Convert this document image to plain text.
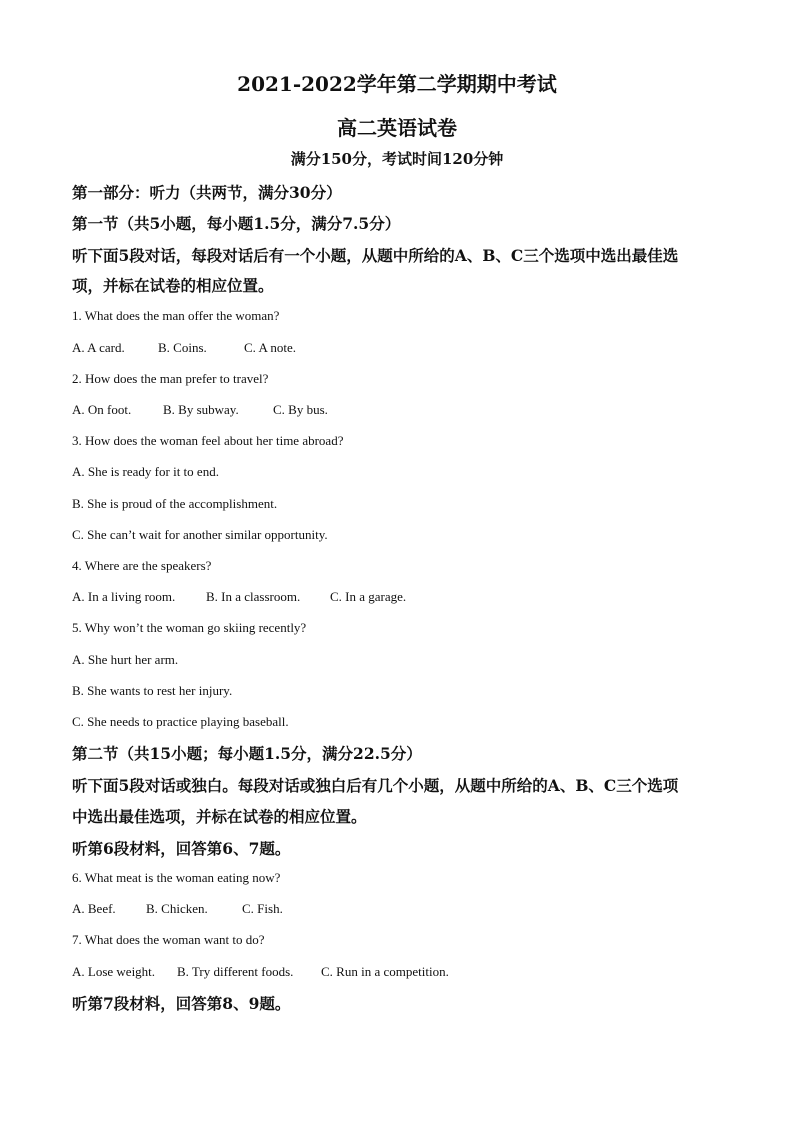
2021-2022学年第二学期期中考试
高二英语试卷
满分150分，考试时间120分钟
第一部分：听力（共两节，满分30分）
第一节（共5小题，每小题1.5分，满分7.5分）
听下面5段对话，每段对话后有一个小题，从题中所给的A、B、C三个选项中选出最佳选
项，并标在试卷的相应位置。
1. What does the man offer the woman?
A. A card.	B. Coins.	C. A note.
2. How does the man prefer to travel?
A. On foot. B. By subway.	C. By bus.
3. How does the woman feel about her time abroad?
A. She is ready for it to end.
B. She is proud of the accomplishment.
C. She can’t wait for another similar opportunity.
4. Where are the speakers?
A. In a living room. B. In a classroom. C. In a garage.
5. Why won’t the woman go skiing recently?
A. She hurt her arm.
B. She wants to rest her injury.
C. She needs to practice playing baseball.
第二节（共15小题；每小题1.5分，满分22.5分）
听下面5段对话或独白。每段对话或独白后有几个小题，从题中所给的A、B、C三个选项
中选出最佳选项，并标在试卷的相应位置。
听第6段材料，回答第6、7题。
6. What meat is the woman eating now?
A. Beef. B. Chicken.	C. Fish.
7. What does the woman want to do?
A. Lose weight. B. Try different foods. C. Run in a competition.
听第7段材料，回答第8、9题。
